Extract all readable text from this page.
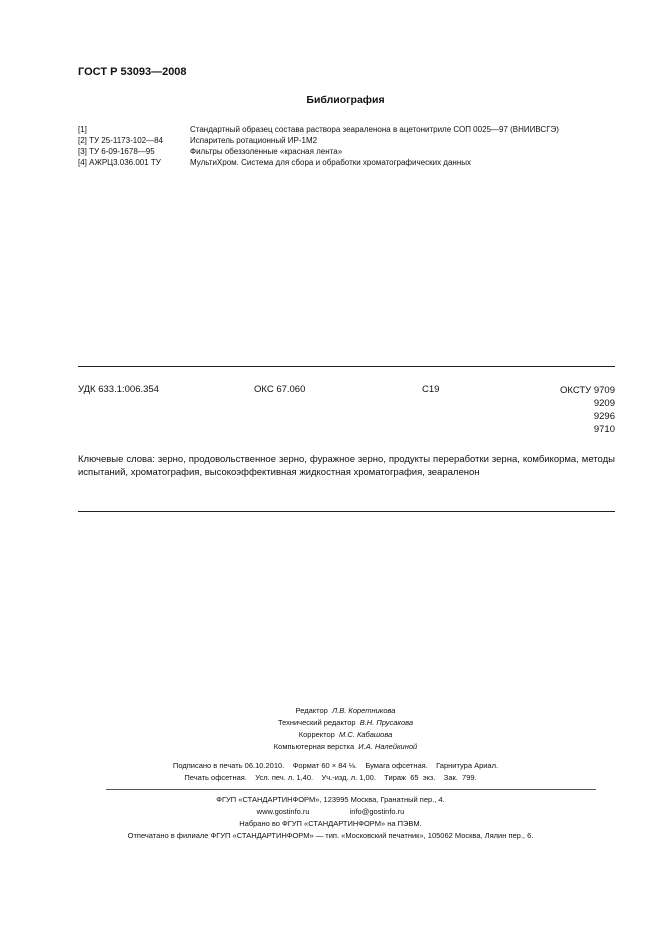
ГОСТ Р 53093—2008
Библиография
[1]	Стандартный образец состава раствора зеараленона в ацетонитриле СОП 0025—97 (ВНИИВСГЭ)
[2] ТУ 25-1173-102—84	Испаритель ротационный ИР-1М2
[3] ТУ 6-09-1678—95	Фильтры обеззоленные «красная лента»
[4] АЖРЦ3.036.001 ТУ	МультиХром. Система для сбора и обработки хроматографических данных
УДК 633.1:006.354	ОКС 67.060	С19	ОКСТУ 9709
9209
9296
9710
Ключевые слова: зерно, продовольственное зерно, фуражное зерно, продукты переработки зерна, комбикорма, методы испытаний, хроматография, высокоэффективная жидкостная хроматография, зеараленон
Редактор Л.В. Коретникова
Технический редактор В.Н. Прусакова
Корректор М.С. Кабашова
Компьютерная верстка И.А. Налейкиной
Подписано в печать 06.10.2010.    Формат 60 × 84 ⅛.    Бумага офсетная.    Гарнитура Ариал.
Печать офсетная.    Усл. печ. л. 1,40.    Уч.-изд. л. 1,00.    Тираж  65  экз.    Зак.  799.
ФГУП «СТАНДАРТИНФОРМ», 123995 Москва, Гранатный пер., 4.
www.gostinfo.ru	info@gostinfo.ru
Набрано во ФГУП «СТАНДАРТИНФОРМ» на ПЭВМ.
Отпечатано в филиале ФГУП «СТАНДАРТИНФОРМ» — тип. «Московский печатник», 105062 Москва, Лялин пер., 6.
